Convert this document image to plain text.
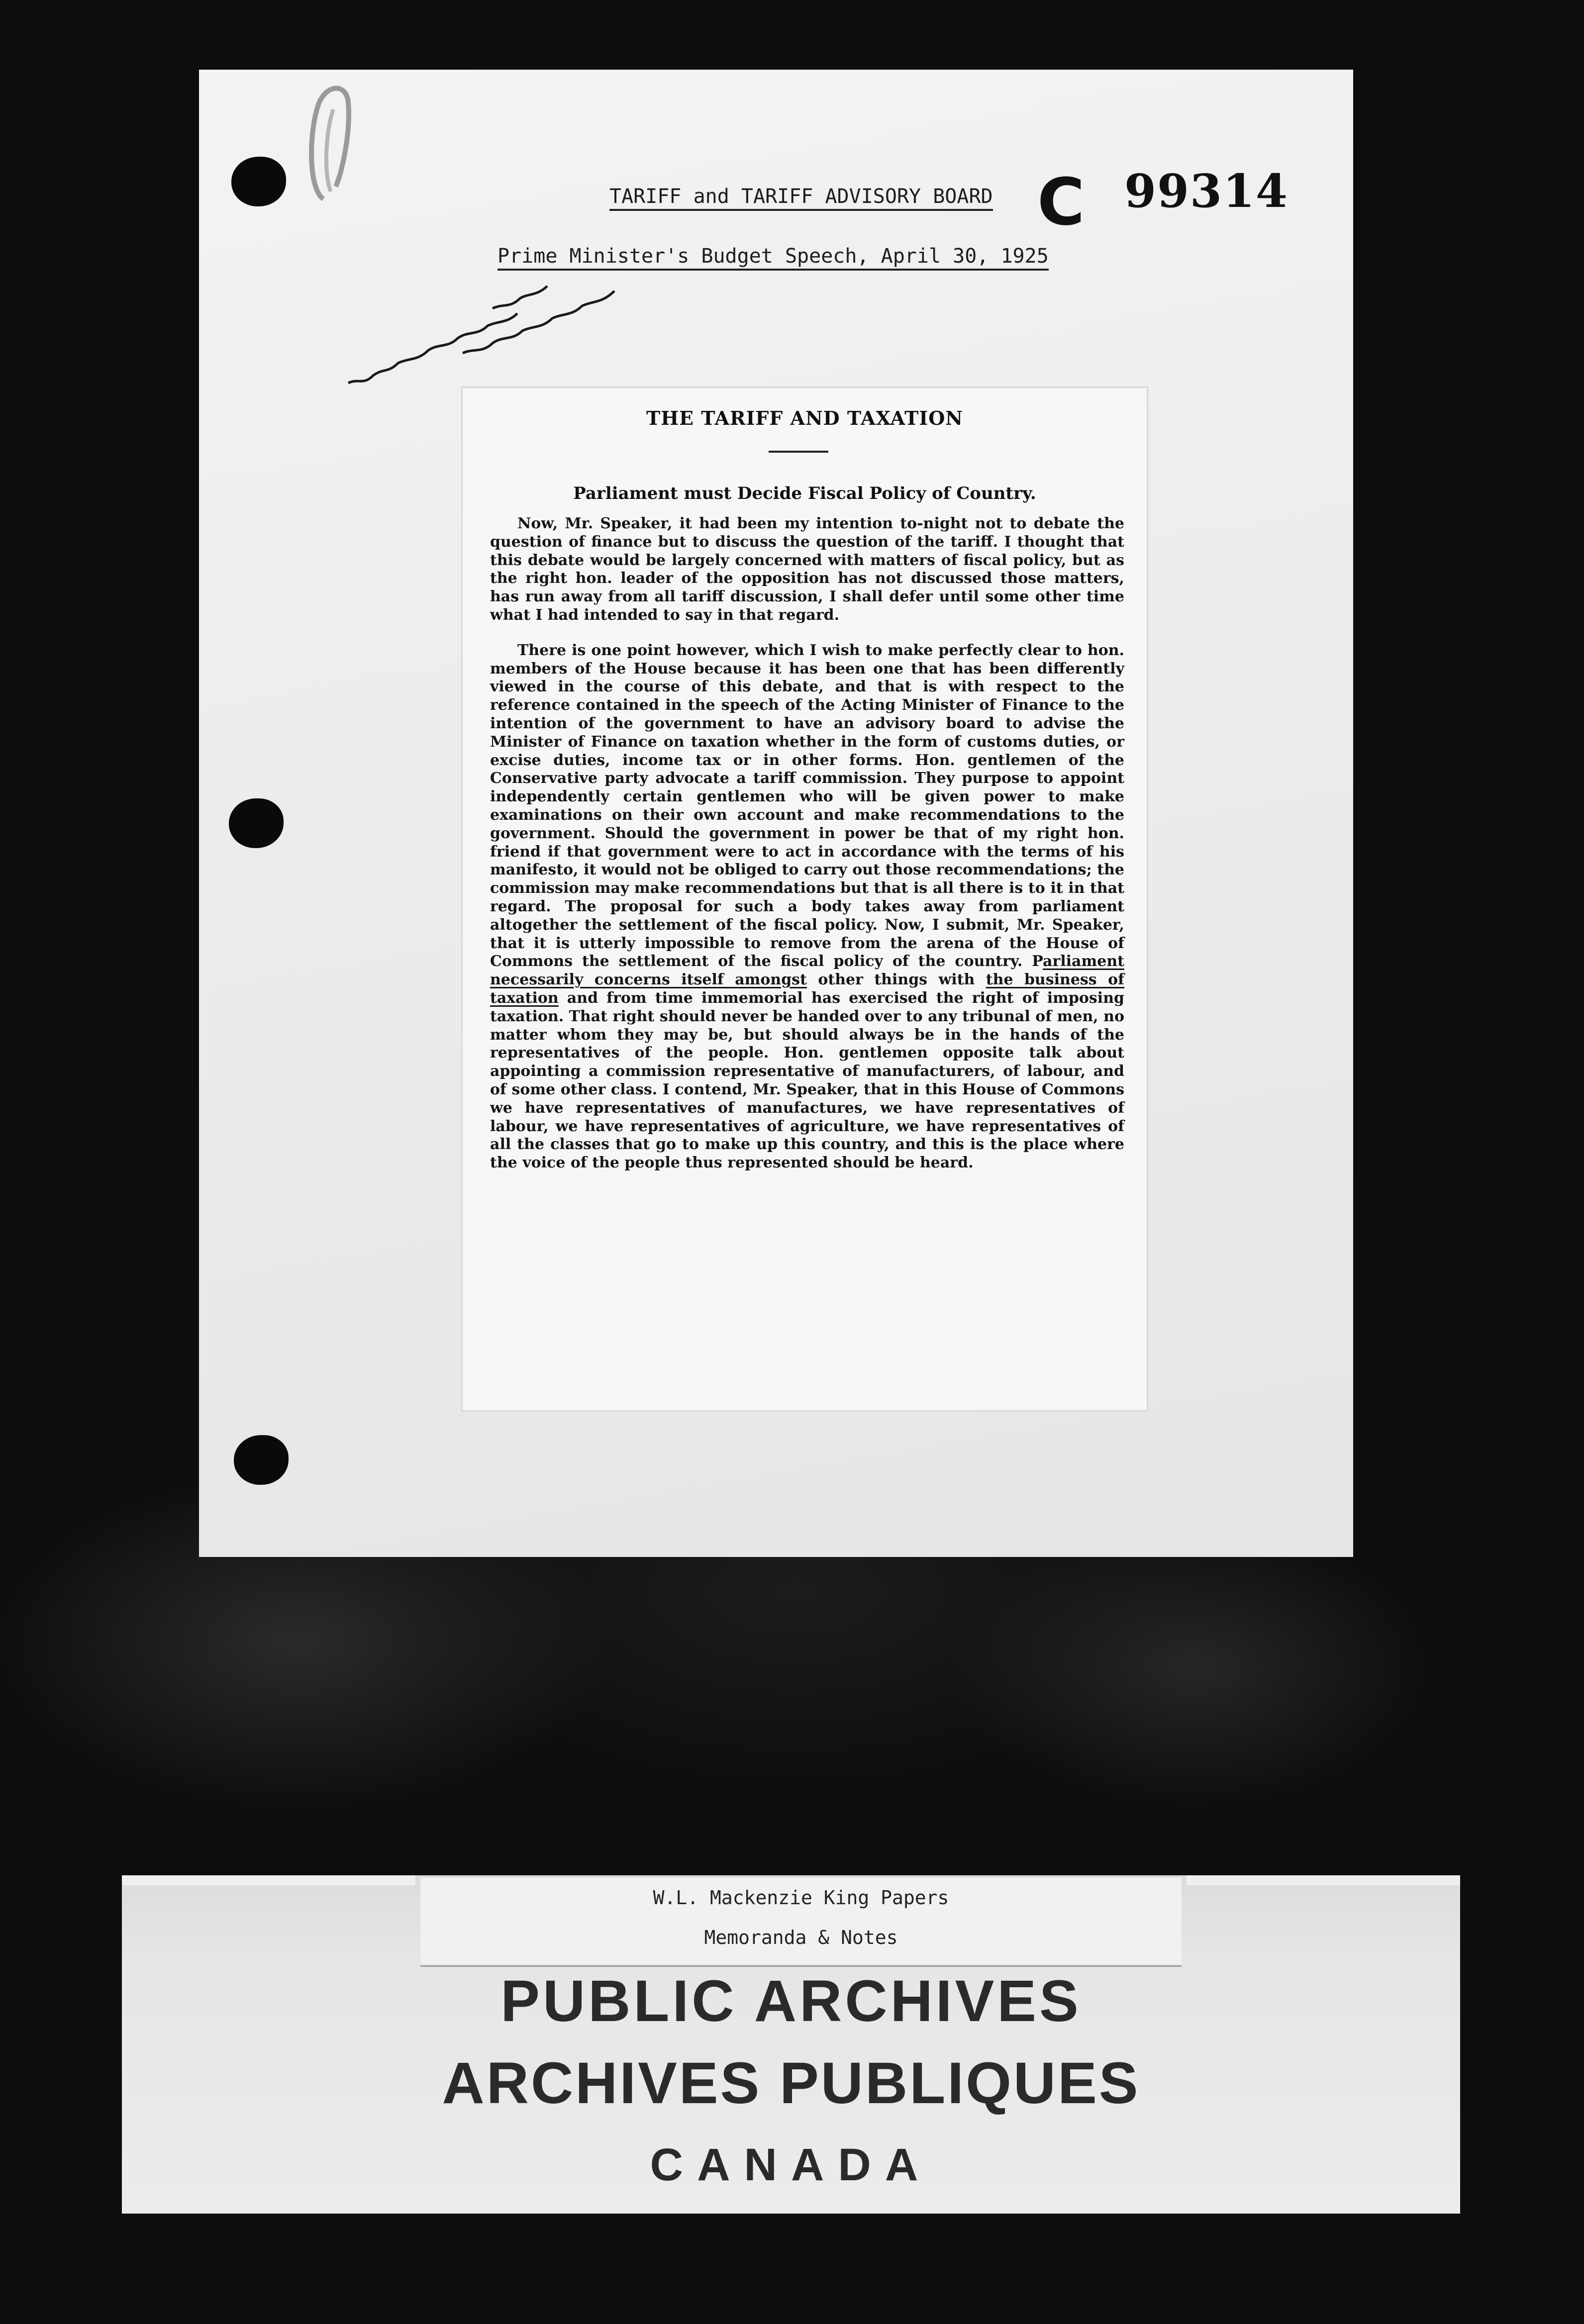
TARIFF and TARIFF ADVISORY BOARD
Prime Minister's Budget Speech, April 30, 1925
C 99314
THE TARIFF AND TAXATION
Parliament must Decide Fiscal Policy of Country.

Now, Mr. Speaker, it had been my intention to-night not to debate the question of finance but to discuss the question of the tariff. I thought that this debate would be largely concerned with matters of fiscal policy, but as the right hon. leader of the opposition has not discussed those matters, has run away from all tariff discussion, I shall defer until some other time what I had intended to say in that regard.

There is one point however, which I wish to make perfectly clear to hon. members of the House because it has been one that has been differently viewed in the course of this debate, and that is with respect to the reference contained in the speech of the Acting Minister of Finance to the intention of the government to have an advisory board to advise the Minister of Finance on taxation whether in the form of customs duties, or excise duties, income tax or in other forms. Hon. gentlemen of the Conservative party advocate a tariff commission. They purpose to appoint independently certain gentlemen who will be given power to make examinations on their own account and make recommendations to the government. Should the government in power be that of my right hon. friend if that government were to act in accordance with the terms of his manifesto, it would not be obliged to carry out those recommendations; the commission may make recommendations but that is all there is to it in that regard. The proposal for such a body takes away from parliament altogether the settlement of the fiscal policy. Now, I submit, Mr. Speaker, that it is utterly impossible to remove from the arena of the House of Commons the settlement of the fiscal policy of the country. Parliament necessarily concerns itself amongst other things with the business of taxation and from time immemorial has exercised the right of imposing taxation. That right should never be handed over to any tribunal of men, no matter whom they may be, but should always be in the hands of the representatives of the people. Hon. gentlemen opposite talk about appointing a commission representative of manufacturers, of labour, and of some other class. I contend, Mr. Speaker, that in this House of Commons we have representatives of manufactures, we have representatives of labour, we have representatives of agriculture, we have representatives of all the classes that go to make up this country, and this is the place where the voice of the people thus represented should be heard.

W.L. Mackenzie King Papers
Memoranda & Notes
PUBLIC ARCHIVES
ARCHIVES PUBLIQUES
CANADA
